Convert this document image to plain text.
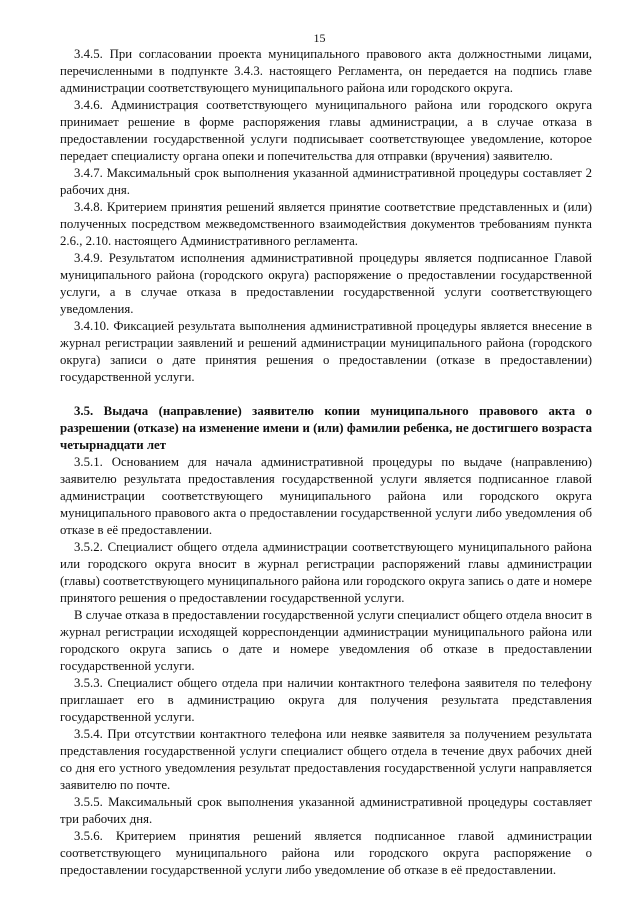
15

3.4.5. При согласовании проекта муниципального правового акта должностными лицами, перечисленными в подпункте 3.4.3. настоящего Регламента, он передается на подпись главе администрации соответствующего муниципального района или городского округа.

3.4.6. Администрация соответствующего муниципального района или городского округа принимает решение в форме распоряжения главы администрации, а в случае отказа в предоставлении государственной услуги подписывает соответствующее уведомление, которое передает специалисту органа опеки и попечительства для отправки (вручения) заявителю.

3.4.7. Максимальный срок выполнения указанной административной процедуры составляет 2 рабочих дня.

3.4.8. Критерием принятия решений является принятие соответствие представленных и (или) полученных посредством межведомственного взаимодействия документов требованиям пункта 2.6., 2.10. настоящего Административного регламента.

3.4.9. Результатом исполнения административной процедуры является подписанное Главой муниципального района (городского округа) распоряжение о предоставлении государственной услуги, а в случае отказа в предоставлении государственной услуги соответствующего уведомления.

3.4.10. Фиксацией результата выполнения административной процедуры является внесение в журнал регистрации заявлений и решений администрации муниципального района (городского округа) записи о дате принятия решения о предоставлении (отказе в предоставлении) государственной услуги.

3.5. Выдача (направление) заявителю копии муниципального правового акта о разрешении (отказе) на изменение имени и (или) фамилии ребенка, не достигшего возраста четырнадцати лет

3.5.1. Основанием для начала административной процедуры по выдаче (направлению) заявителю результата предоставления государственной услуги является подписанное главой администрации соответствующего муниципального района или городского округа муниципального правового акта о предоставлении государственной услуги либо уведомления об отказе в её предоставлении.

3.5.2. Специалист общего отдела администрации соответствующего муниципального района или городского округа вносит в журнал регистрации распоряжений главы администрации (главы) соответствующего муниципального района или городского округа запись о дате и номере принятого решения о предоставлении государственной услуги.

В случае отказа в предоставлении государственной услуги специалист общего отдела вносит в журнал регистрации исходящей корреспонденции администрации муниципального района или городского округа запись о дате и номере уведомления об отказе в предоставлении государственной услуги.

3.5.3. Специалист общего отдела при наличии контактного телефона заявителя по телефону приглашает его в администрацию округа для получения результата представления государственной услуги.

3.5.4. При отсутствии контактного телефона или неявке заявителя за получением результата представления государственной услуги специалист общего отдела в течение двух рабочих дней со дня его устного уведомления результат предоставления государственной услуги направляется заявителю по почте.

3.5.5. Максимальный срок выполнения указанной административной процедуры составляет три рабочих дня.

3.5.6. Критерием принятия решений является подписанное главой администрации соответствующего муниципального района или городского округа распоряжение о предоставлении государственной услуги либо уведомление об отказе в её предоставлении.
